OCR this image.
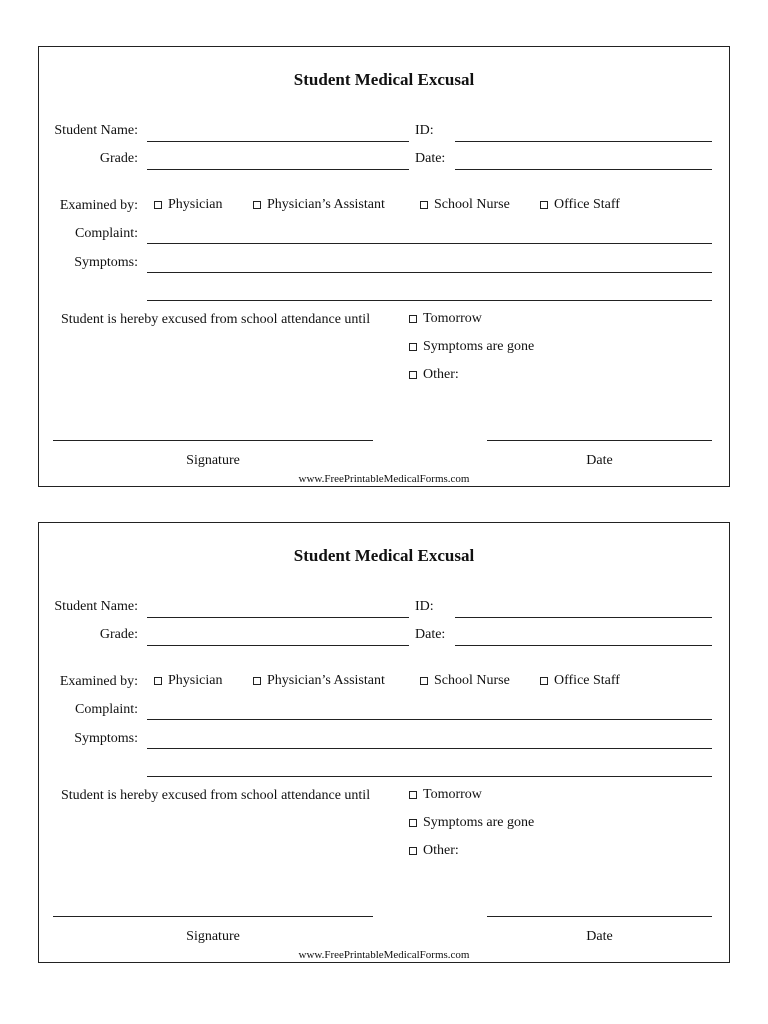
Student Medical Excusal
Student Name:	ID:
Grade:	Date:
Examined by: Physician	Physician’s Assistant	School Nurse	Office Staff
Complaint:
Symptoms:
Student is hereby excused from school attendance until	Tomorrow
Symptoms are gone
Other:
Signature	Date
www.FreePrintableMedicalForms.com
Student Medical Excusal
Student Name:	ID:
Grade:	Date:
Examined by: Physician	Physician’s Assistant	School Nurse	Office Staff
Complaint:
Symptoms:
Student is hereby excused from school attendance until	Tomorrow
Symptoms are gone
Other:
Signature	Date
www.FreePrintableMedicalForms.com
